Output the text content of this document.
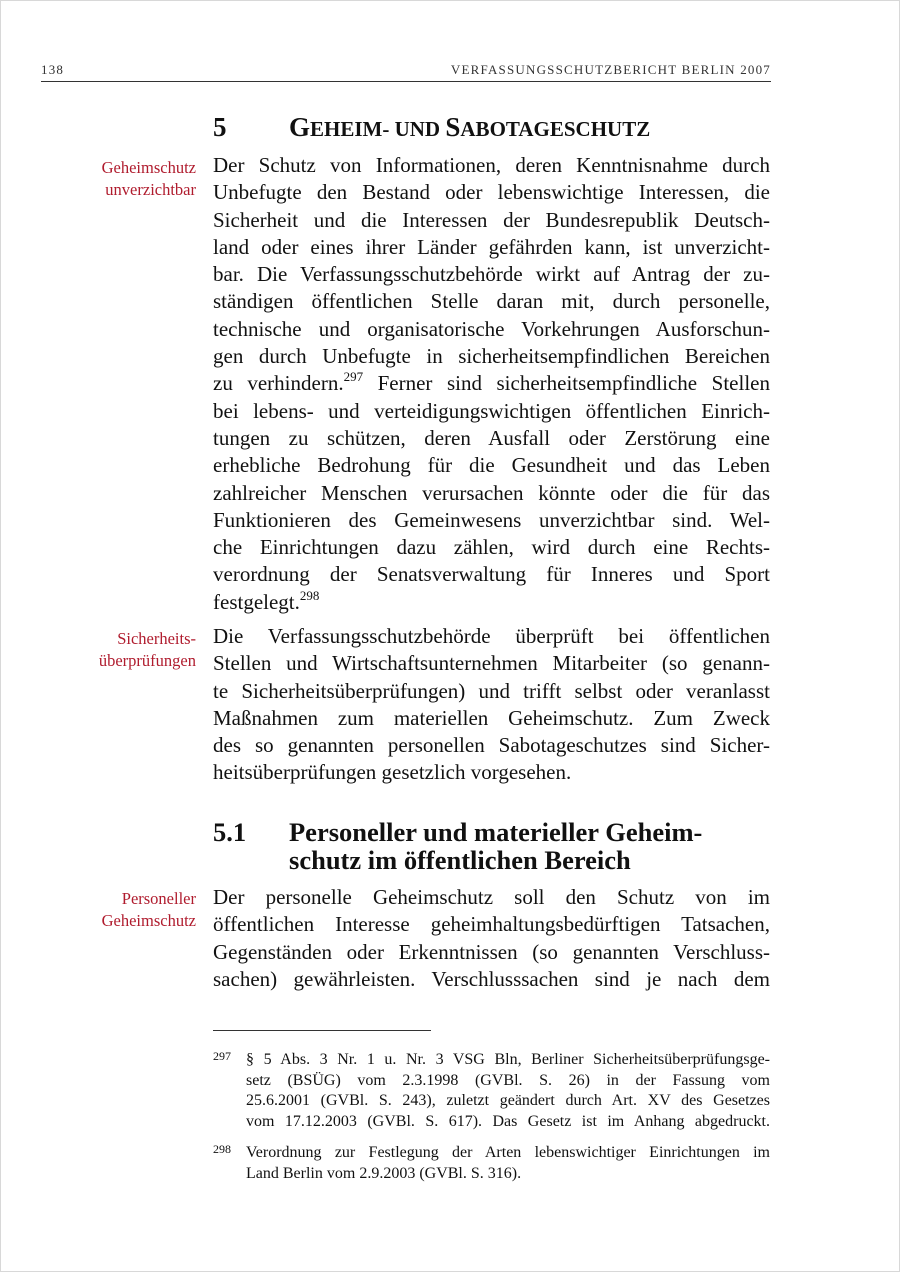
138	VERFASSUNGSSCHUTZBERICHT BERLIN 2007
5 GEHEIM- UND SABOTAGESCHUTZ
Geheimschutz
unverzichtbar
Der Schutz von Informationen, deren Kenntnisnahme durch
Unbefugte den Bestand oder lebenswichtige Interessen, die
Sicherheit und die Interessen der Bundesrepublik Deutsch-
land oder eines ihrer Länder gefährden kann, ist unverzicht-
bar. Die Verfassungsschutzbehörde wirkt auf Antrag der zu-
ständigen öffentlichen Stelle daran mit, durch personelle,
technische und organisatorische Vorkehrungen Ausforschun-
gen durch Unbefugte in sicherheitsempfindlichen Bereichen
zu verhindern.$^{297}$ Ferner sind sicherheitsempfindliche Stellen
bei lebens- und verteidigungswichtigen öffentlichen Einrich-
tungen zu schützen, deren Ausfall oder Zerstörung eine
erhebliche Bedrohung für die Gesundheit und das Leben
zahlreicher Menschen verursachen könnte oder die für das
Funktionieren des Gemeinwesens unverzichtbar sind. Wel-
che Einrichtungen dazu zählen, wird durch eine Rechts-
verordnung der Senatsverwaltung für Inneres und Sport
festgelegt.$^{298}$
Sicherheits-
überprüfungen
Die Verfassungsschutzbehörde überprüft bei öffentlichen
Stellen und Wirtschaftsunternehmen Mitarbeiter (so genann-
te Sicherheitsüberprüfungen) und trifft selbst oder veranlasst
Maßnahmen zum materiellen Geheimschutz. Zum Zweck
des so genannten personellen Sabotageschutzes sind Sicher-
heitsüberprüfungen gesetzlich vorgesehen.
5.1 Personeller und materieller Geheim-
schutz im öffentlichen Bereich
Personeller
Geheimschutz
Der personelle Geheimschutz soll den Schutz von im
öffentlichen Interesse geheimhaltungsbedürftigen Tatsachen,
Gegenständen oder Erkenntnissen (so genannten Verschluss-
sachen) gewährleisten. Verschlusssachen sind je nach dem
297 § 5 Abs. 3 Nr. 1 u. Nr. 3 VSG Bln, Berliner Sicherheitsüberprüfungsge-
setz (BSÜG) vom 2.3.1998 (GVBl. S. 26) in der Fassung vom
25.6.2001 (GVBl. S. 243), zuletzt geändert durch Art. XV des Gesetzes
vom 17.12.2003 (GVBl. S. 617). Das Gesetz ist im Anhang abgedruckt.
298 Verordnung zur Festlegung der Arten lebenswichtiger Einrichtungen im
Land Berlin vom 2.9.2003 (GVBl. S. 316).
